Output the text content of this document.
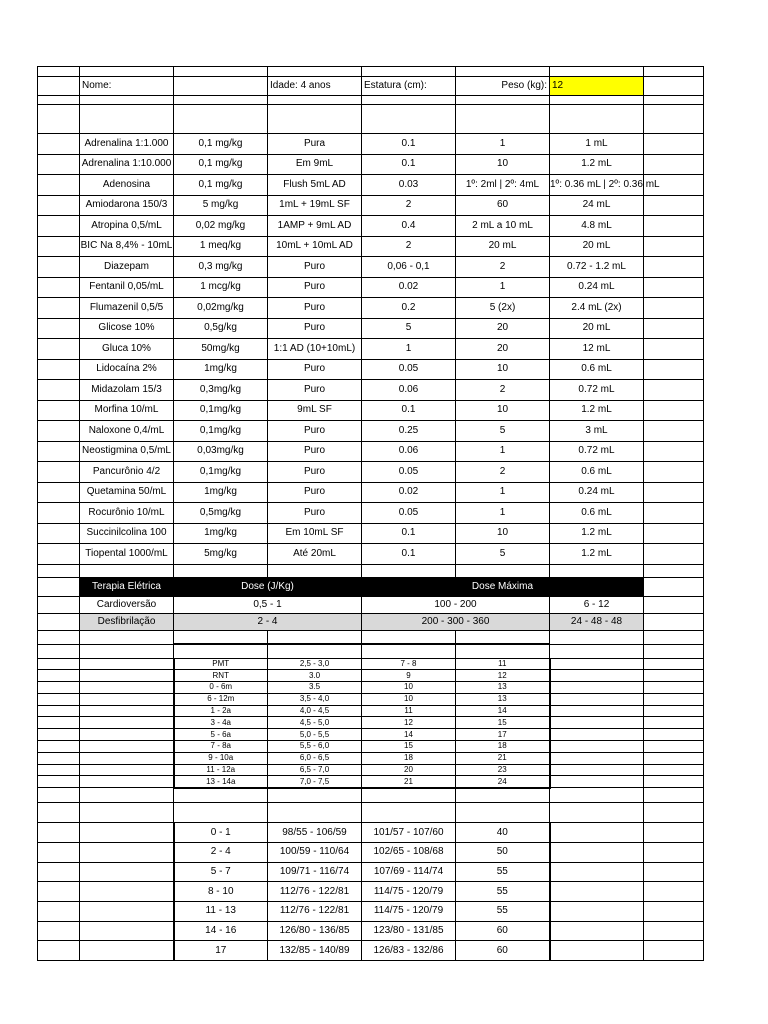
	Nome:		Idade: 4 anos	Estatura (cm):	Peso (kg):	12	

	Adrenalina 1:1.000	0,1 mg/kg	Pura	0.1	1	1 mL	
	Adrenalina 1:10.000	0,1 mg/kg	Em 9mL	0.1	10	1.2 mL	
	Adenosina	0,1 mg/kg	Flush 5mL AD	0.03	1º: 2ml | 2º: 4mL	1º: 0.36 mL | 2º: 0.36 mL	
	Amiodarona 150/3	5 mg/kg	1mL + 19mL SF	2	60	24 mL	
	Atropina 0,5/mL	0,02 mg/kg	1AMP + 9mL AD	0.4	2 mL a 10 mL	4.8 mL	
	BIC Na 8,4% - 10mL	1 meq/kg	10mL + 10mL AD	2	20 mL	20 mL	
	Diazepam	0,3 mg/kg	Puro	0,06 - 0,1	2	0.72 - 1.2 mL	
	Fentanil 0,05/mL	1 mcg/kg	Puro	0.02	1	0.24 mL	
	Flumazenil 0,5/5	0,02mg/kg	Puro	0.2	5 (2x)	2.4 mL (2x)	
	Glicose 10%	0,5g/kg	Puro	5	20	20 mL	
	Gluca 10%	50mg/kg	1:1 AD (10+10mL)	1	20	12 mL	
	Lidocaína 2%	1mg/kg	Puro	0.05	10	0.6 mL	
	Midazolam 15/3	0,3mg/kg	Puro	0.06	2	0.72 mL	
	Morfina 10/mL	0,1mg/kg	9mL SF	0.1	10	1.2 mL	
	Naloxone 0,4/mL	0,1mg/kg	Puro	0.25	5	3 mL	
	Neostigmina 0,5/mL	0,03mg/kg	Puro	0.06	1	0.72 mL	
	Pancurônio 4/2	0,1mg/kg	Puro	0.05	2	0.6 mL	
	Quetamina 50/mL	1mg/kg	Puro	0.02	1	0.24 mL	
	Rocurônio 10/mL	0,5mg/kg	Puro	0.05	1	0.6 mL	
	Succinilcolina 100	1mg/kg	Em 10mL SF	0.1	10	1.2 mL	
	Tiopental 1000/mL	5mg/kg	Até 20mL	0.1	5	1.2 mL	

	Terapia Elétrica	Dose (J/Kg)		Dose Máxima			
	Cardioversão	0,5 - 1		100 - 200		6 - 12	
	Desfibrilação	2 - 4		200 - 300 - 360		24 - 48 - 48	

		PMT	2,5 - 3,0	7 - 8	11		
		RNT	3.0	9	12		
		0 - 6m	3.5	10	13		
		6 - 12m	3,5 - 4,0	10	13		
		1 - 2a	4,0 - 4,5	11	14		
		3 - 4a	4,5 - 5,0	12	15		
		5 - 6a	5,0 - 5,5	14	17		
		7 - 8a	5,5 - 6,0	15	18		
		9 - 10a	6,0 - 6,5	18	21		
		11 - 12a	6,5 - 7,0	20	23		
		13 - 14a	7,0 - 7,5	21	24		

		0 - 1	98/55 - 106/59	101/57 - 107/60	40		
		2 - 4	100/59 - 110/64	102/65 - 108/68	50		
		5 - 7	109/71 - 116/74	107/69 - 114/74	55		
		8 - 10	112/76 - 122/81	114/75 - 120/79	55		
		11 - 13	112/76 - 122/81	114/75 - 120/79	55		
		14 - 16	126/80 - 136/85	123/80 - 131/85	60		
		17	132/85 - 140/89	126/83 - 132/86	60		
